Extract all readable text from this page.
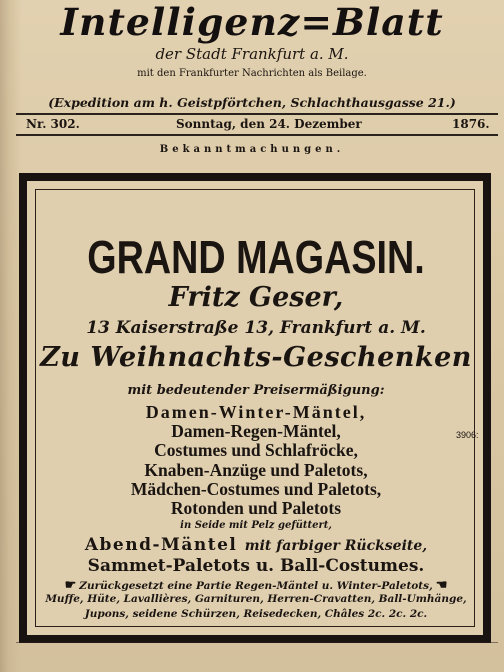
Intelligenz=Blatt
der Stadt Frankfurt a. M.
mit den Frankfurter Nachrichten als Beilage.
(Expedition am h. Geistpförtchen, Schlachthausgasse 21.)
Nr. 302.	Sonntag, den 24. Dezember	1876.
Bekanntmachungen.
GRAND MAGASIN.
Fritz Geser,
13 Kaiserstraße 13, Frankfurt a. M.
Zu Weihnachts-Geschenken
mit bedeutender Preisermäßigung:
Damen-Winter-Mäntel,
Damen-Regen-Mäntel,
Costumes und Schlafröcke,
Knaben-Anzüge und Paletots,
Mädchen-Costumes und Paletots,
Rotonden und Paletots
in Seide mit Pelz gefüttert,
Abend-Mäntel mit farbiger Rückseite,
Sammet-Paletots u. Ball-Costumes.
☛ Zurückgesetzt eine Partie Regen-Mäntel u. Winter-Paletots, ☚
Muffe, Hüte, Lavallières, Garnituren, Herren-Cravatten, Ball-Umhänge,
Jupons, seidene Schürzen, Reisedecken, Châles 2c. 2c. 2c.
3906:
